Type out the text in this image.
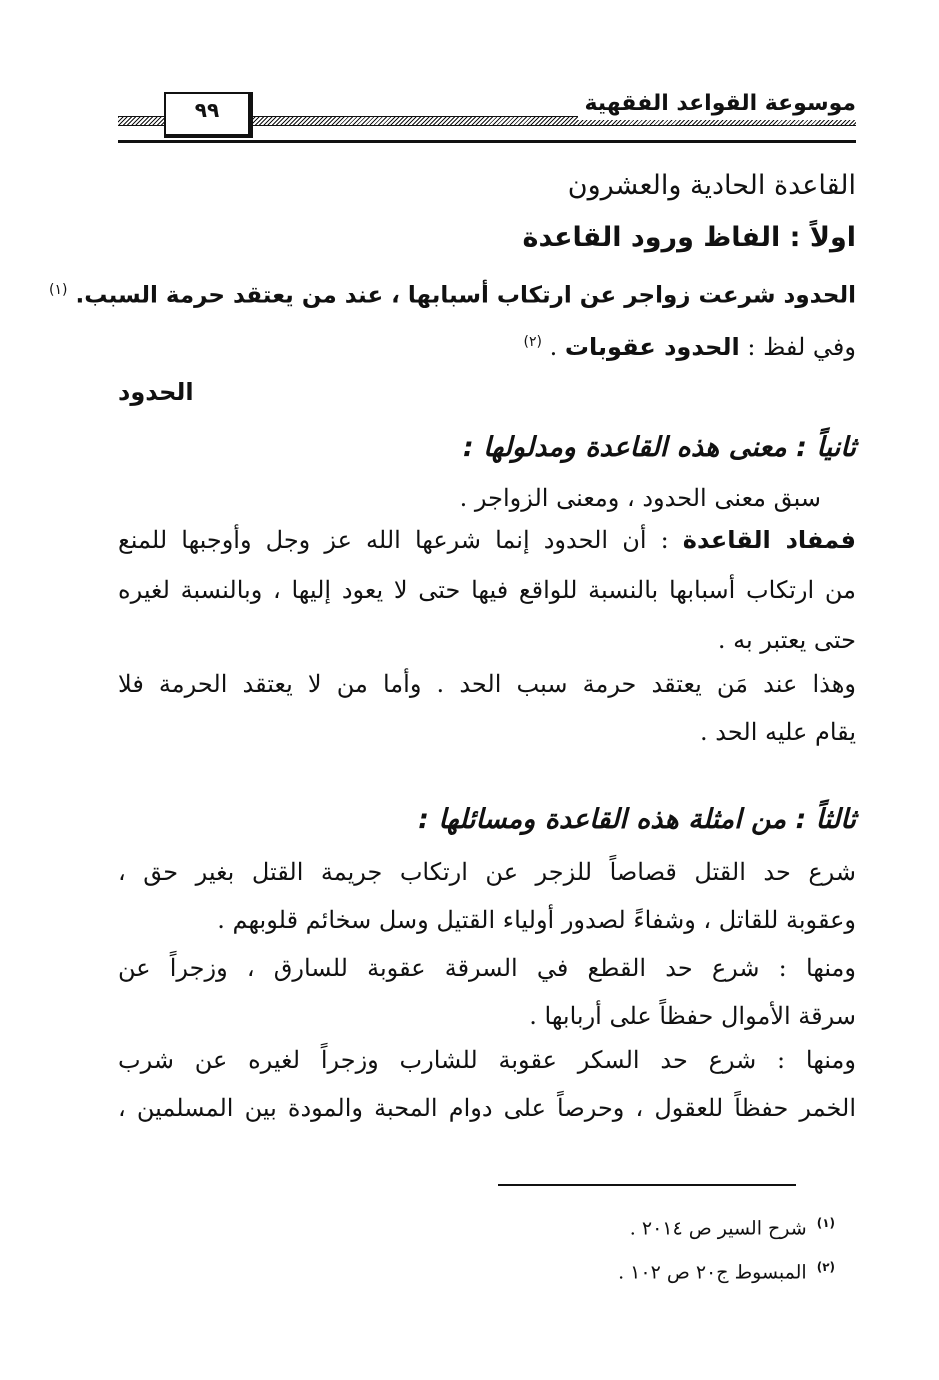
٩٩	موسوعة القواعد الفقهية
القاعدة الحادية والعشرون
اولاً : الفاظ ورود القاعدة
الحدود شرعت زواجر عن ارتكاب أسبابها ، عند من يعتقد حرمة السبب. $^{(١)}$
وفي لفظ : الحدود عقوبات . $^{(٢)}$
الحدود
ثانياً : معنى هذه القاعدة ومدلولها :
سبق معنى الحدود ، ومعنى الزواجر .
فمفاد القاعدة : أن الحدود إنما شرعها الله عز وجل وأوجبها للمنع
من ارتكاب أسبابها بالنسبة للواقع فيها حتى لا يعود إليها ، وبالنسبة لغيره
حتى يعتبر به .
وهذا عند مَن يعتقد حرمة سبب الحد . وأما من لا يعتقد الحرمة فلا
يقام عليه الحد .
ثالثاً : من امثلة هذه القاعدة ومسائلها :
شرع حد القتل قصاصاً للزجر عن ارتكاب جريمة القتل بغير حق ،
وعقوبة للقاتل ، وشفاءً لصدور أولياء القتيل وسل سخائم قلوبهم .
ومنها : شرع حد القطع في السرقة عقوبة للسارق ، وزجراً عن
سرقة الأموال حفظاً على أربابها .
ومنها : شرع حد السكر عقوبة للشارب وزجراً لغيره عن شرب
الخمر حفظاً للعقول ، وحرصاً على دوام المحبة والمودة بين المسلمين ،
$^{(١)}$شرح السير ص ٢٠١٤ .
$^{(٢)}$المبسوط ج٢٠ ص ١٠٢ .
